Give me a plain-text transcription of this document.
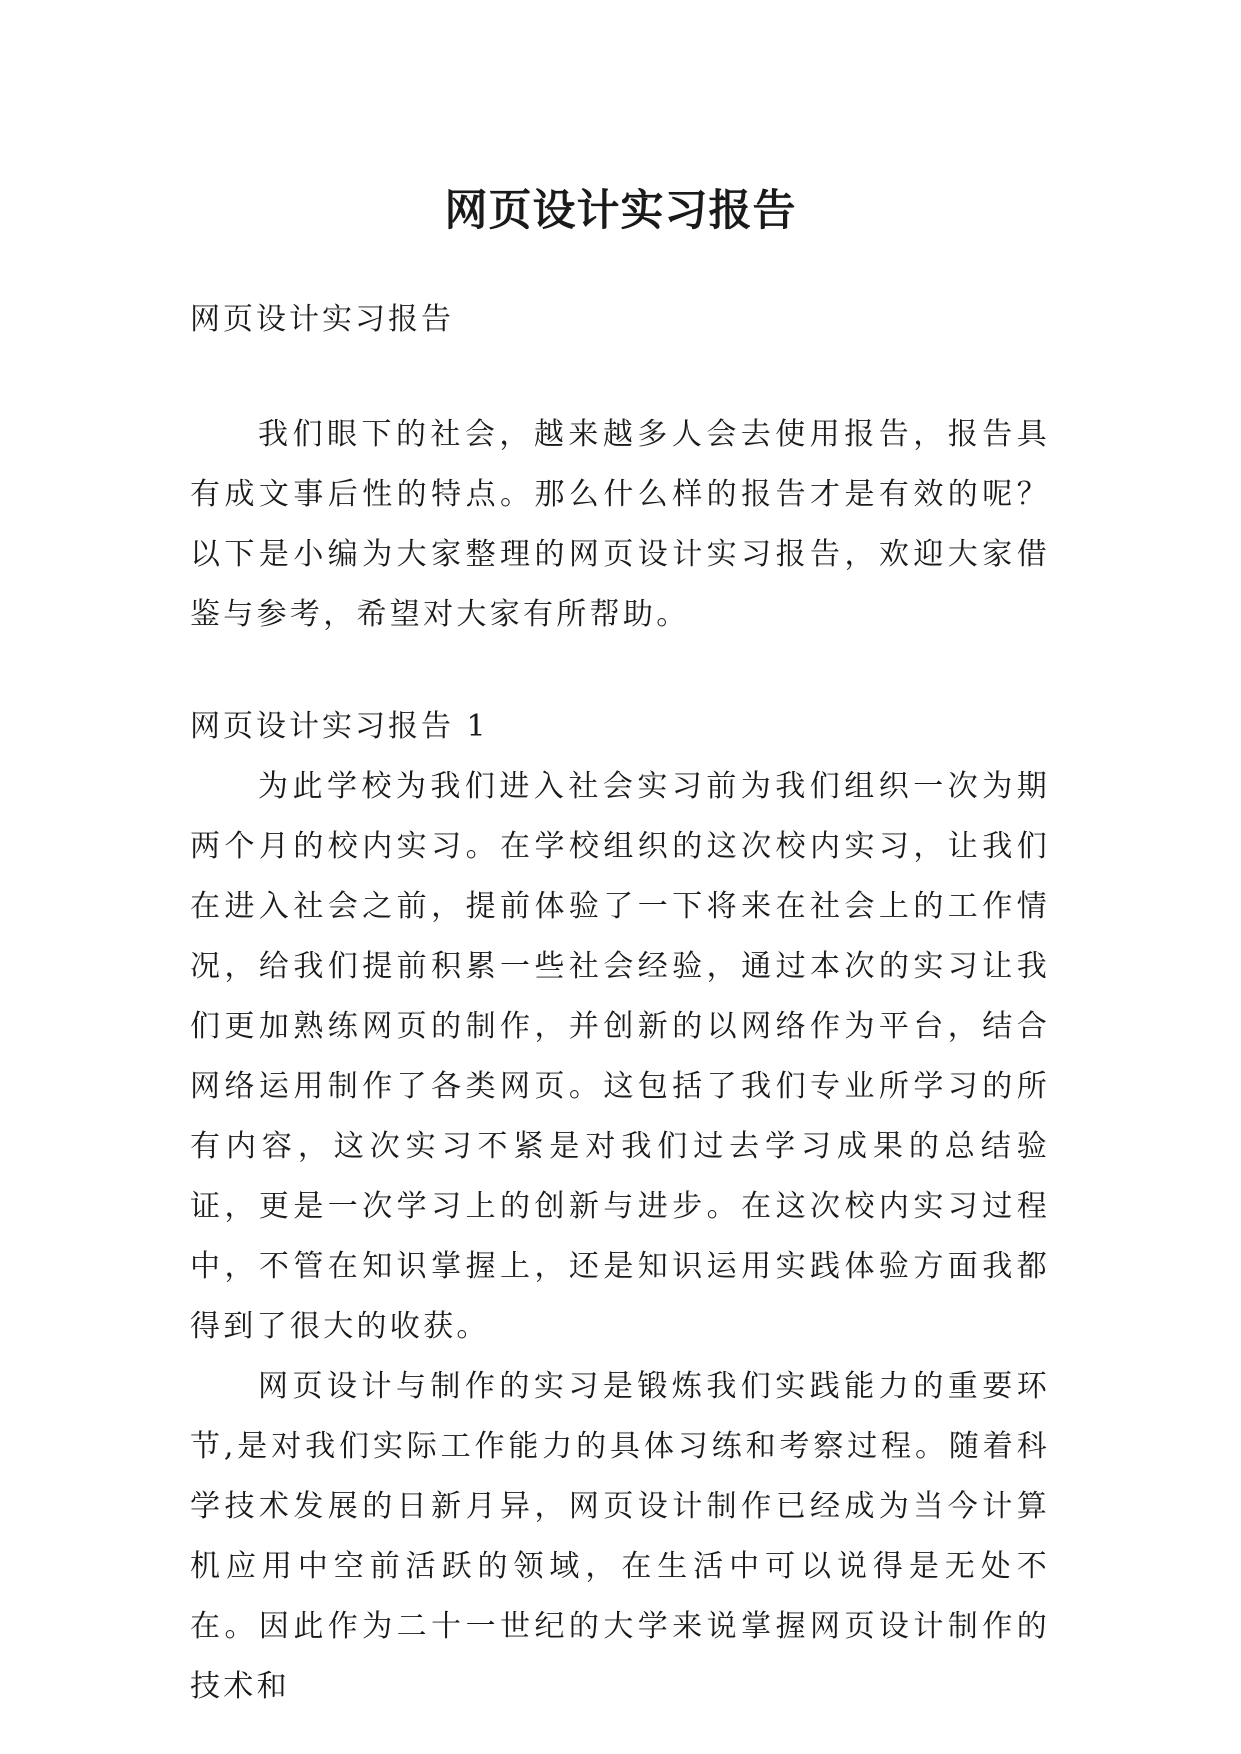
网页设计实习报告

网页设计实习报告

我们眼下的社会，越来越多人会去使用报告，报告具有成文事后性的特点。那么什么样的报告才是有效的呢？以下是小编为大家整理的网页设计实习报告，欢迎大家借鉴与参考，希望对大家有所帮助。

网页设计实习报告 1

为此学校为我们进入社会实习前为我们组织一次为期两个月的校内实习。在学校组织的这次校内实习，让我们在进入社会之前，提前体验了一下将来在社会上的工作情况，给我们提前积累一些社会经验，通过本次的实习让我们更加熟练网页的制作，并创新的以网络作为平台，结合网络运用制作了各类网页。这包括了我们专业所学习的所有内容，这次实习不紧是对我们过去学习成果的总结验证，更是一次学习上的创新与进步。在这次校内实习过程中，不管在知识掌握上，还是知识运用实践体验方面我都得到了很大的收获。

网页设计与制作的实习是锻炼我们实践能力的重要环节,是对我们实际工作能力的具体习练和考察过程。随着科学技术发展的日新月异，网页设计制作已经成为当今计算机应用中空前活跃的领域，在生活中可以说得是无处不在。因此作为二十一世纪的大学来说掌握网页设计制作的技术和
